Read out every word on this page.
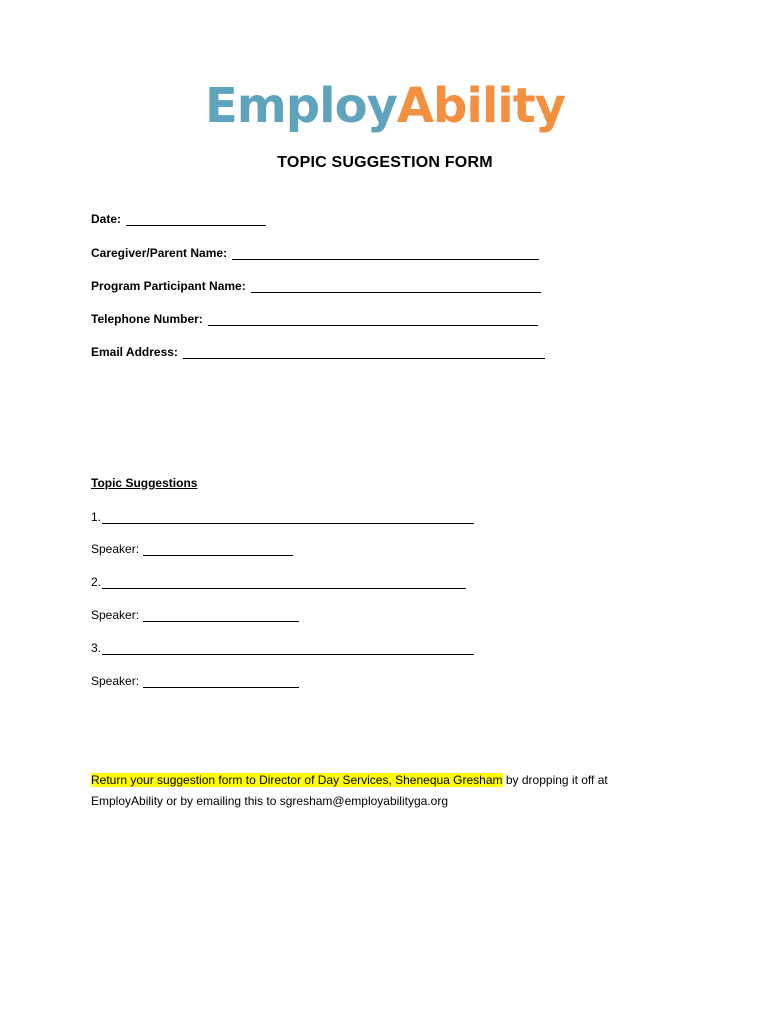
EmployAbility
TOPIC SUGGESTION FORM
Date:
Caregiver/Parent Name:
Program Participant Name:
Telephone Number:
Email Address:
Topic Suggestions
1.
Speaker:
2.
Speaker:
3.
Speaker:
Return your suggestion form to Director of Day Services, Shenequa Gresham by dropping it off at EmployAbility or by emailing this to sgresham@employabilityga.org
